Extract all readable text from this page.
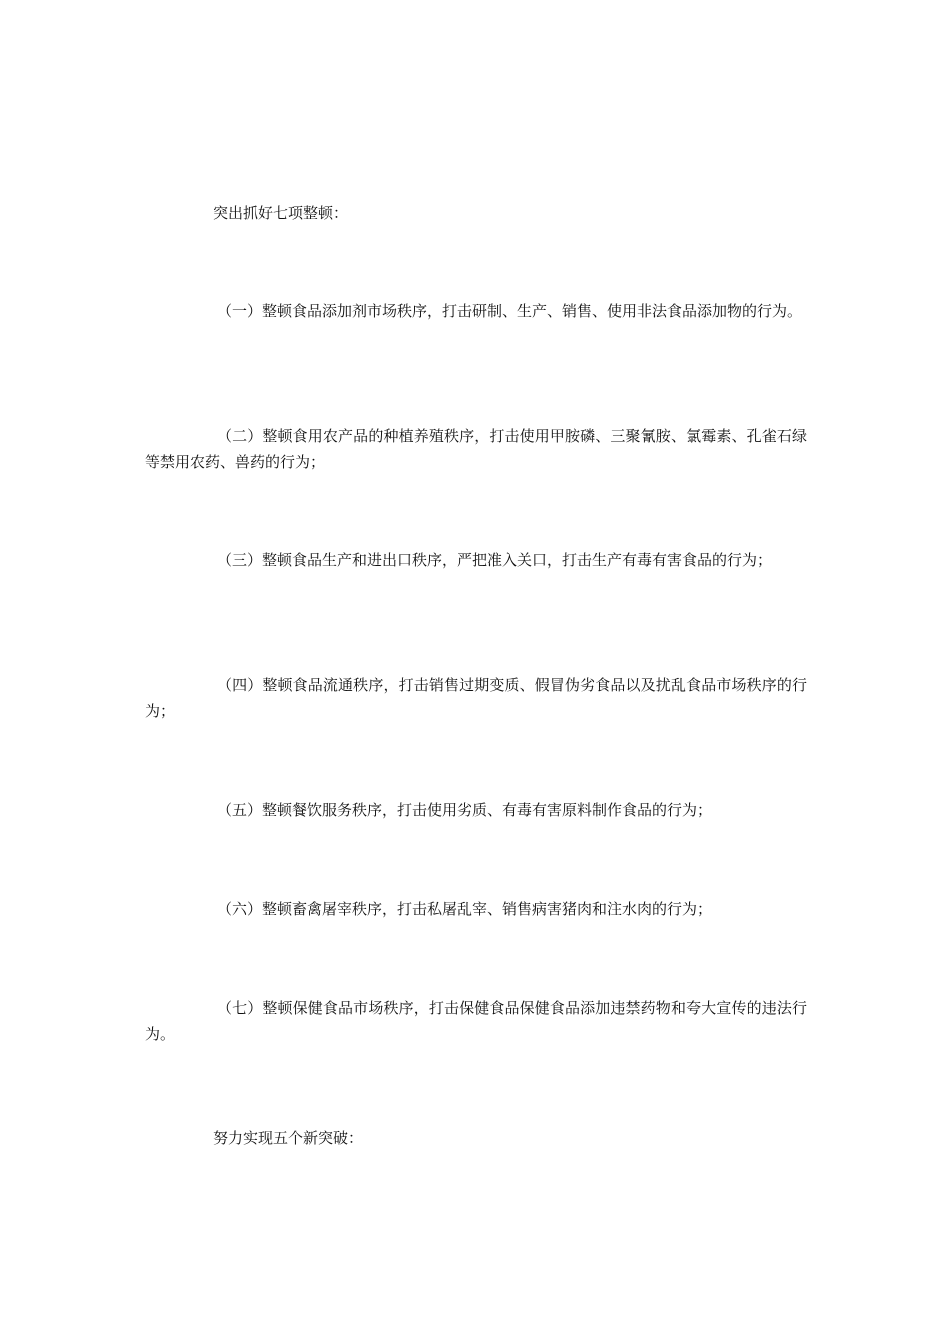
突出抓好七项整顿：
（一）整顿食品添加剂市场秩序，打击研制、生产、销售、使用非法食品添加物的行为。
（二）整顿食用农产品的种植养殖秩序，打击使用甲胺磷、三聚氰胺、氯霉素、孔雀石绿等禁用农药、兽药的行为；
（三）整顿食品生产和进出口秩序，严把准入关口，打击生产有毒有害食品的行为；
（四）整顿食品流通秩序，打击销售过期变质、假冒伪劣食品以及扰乱食品市场秩序的行为；
（五）整顿餐饮服务秩序，打击使用劣质、有毒有害原料制作食品的行为；
（六）整顿畜禽屠宰秩序，打击私屠乱宰、销售病害猪肉和注水肉的行为；
（七）整顿保健食品市场秩序，打击保健食品保健食品添加违禁药物和夸大宣传的违法行为。
努力实现五个新突破：
